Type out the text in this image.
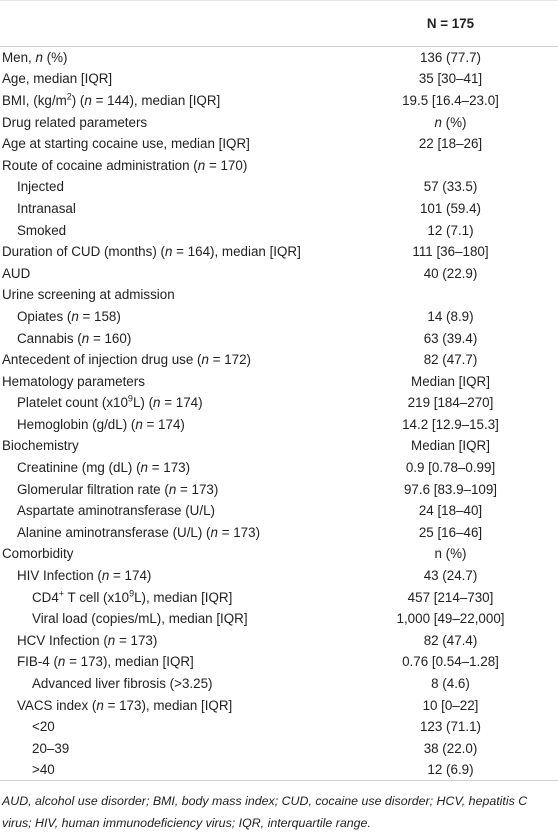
	N = 175
Men, n (%)	136 (77.7)
Age, median [IQR]	35 [30–41]
BMI, $(kg/m^2) (n = 144)$, median [IQR]	19.5 [16.4–23.0]
Drug related parameters	n (%)
Age at starting cocaine use, median [IQR]	22 [18–26]
Route of cocaine administration (n = 170)	
Injected	57 (33.5)
Intranasal	101 (59.4)
Smoked	12 (7.1)
Duration of CUD (months) (n = 164), median [IQR]	111 [36–180]
AUD	40 (22.9)
Urine screening at admission	
Opiates (n = 158)	14 (8.9)
Cannabis (n = 160)	63 (39.4)
Antecedent of injection drug use (n = 172)	82 (47.7)
Hematology parameters	Median [IQR]
Platelet count $(x10^9L) (n = 174)$	219 [184–270]
Hemoglobin (g/dL) (n = 174)	14.2 [12.9–15.3]
Biochemistry	Median [IQR]
Creatinine (mg (dL) (n = 173)	0.9 [0.78–0.99]
Glomerular filtration rate (n = 173)	97.6 [83.9–109]
Aspartate aminotransferase (U/L)	24 [18–40]
Alanine aminotransferase (U/L) (n = 173)	25 [16–46]
Comorbidity	n (%)
HIV Infection (n = 174)	43 (24.7)
CD4+ T cell $(x10^9L)$, median [IQR]	457 [214–730]
Viral load (copies/mL), median [IQR]	1,000 [49–22,000]
HCV Infection (n = 173)	82 (47.4)
FIB-4 (n = 173), median [IQR]	0.76 [0.54–1.28]
Advanced liver fibrosis (>3.25)	8 (4.6)
VACS index (n = 173), median [IQR]	10 [0–22]
<20	123 (71.1)
20–39	38 (22.0)
>40	12 (6.9)
AUD, alcohol use disorder; BMI, body mass index; CUD, cocaine use disorder; HCV, hepatitis C virus; HIV, human immunodeficiency virus; IQR, interquartile range.
